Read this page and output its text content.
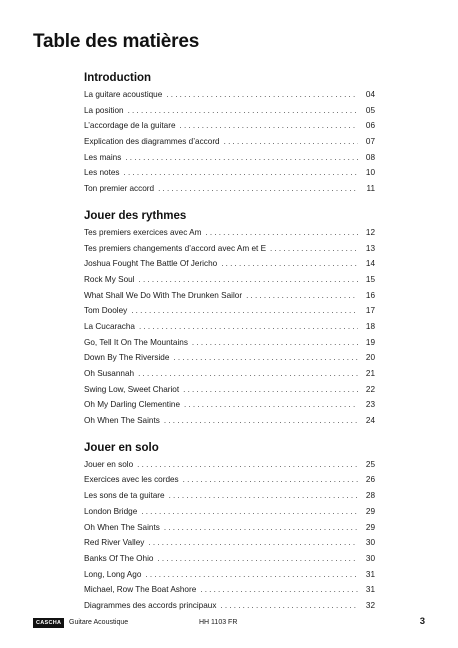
Table des matières
Introduction
La guitare acoustique . . .	04
La position . . .	05
L’accordage de la guitare . . .	06
Explication des diagrammes d’accord . . .	07
Les mains . . .	08
Les notes . . .	10
Ton premier accord . . .	11
Jouer des rythmes
Tes premiers exercices avec Am . . .	12
Tes premiers changements d’accord avec Am et E . . .	13
Joshua Fought The Battle Of Jericho . . .	14
Rock My Soul . . .	15
What Shall We Do With The Drunken Sailor . . .	16
Tom Dooley . . .	17
La Cucaracha . . .	18
Go, Tell It On The Mountains . . .	19
Down By The Riverside . . .	20
Oh Susannah . . .	21
Swing Low, Sweet Chariot . . .	22
Oh My Darling Clementine . . .	23
Oh When The Saints . . .	24
Jouer en solo
Jouer en solo . . .	25
Exercices avec les cordes . . .	26
Les sons de ta guitare . . .	28
London Bridge . . .	29
Oh When The Saints . . .	29
Red River Valley . . .	30
Banks Of The Ohio . . .	30
Long, Long Ago . . .	31
Michael, Row The Boat Ashore . . .	31
Diagrammes des accords principaux . . .	32
CASCHA	Guitare Acoustique	HH 1103 FR	3
